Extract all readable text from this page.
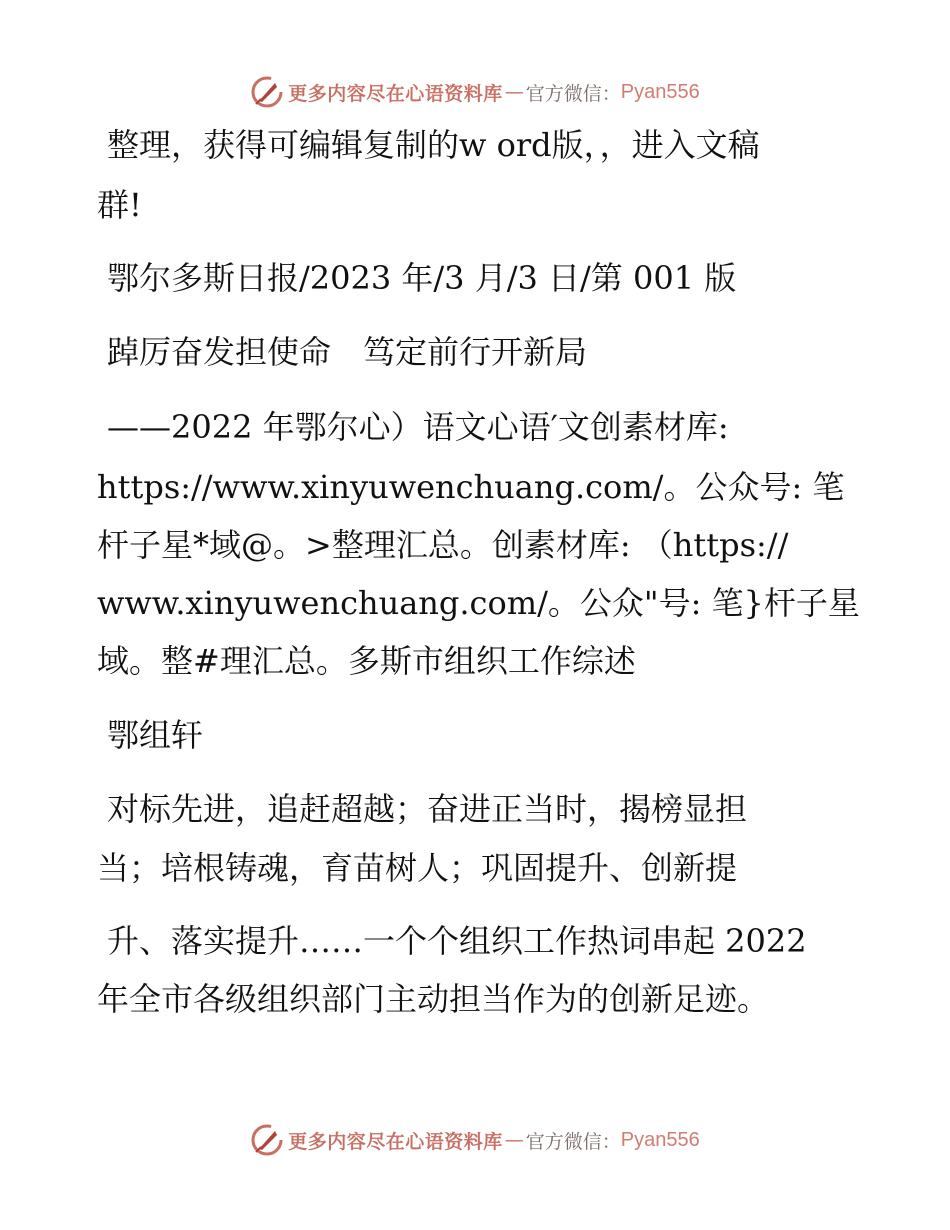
更多内容尽在心语资料库 — 官方微信： Pyan556

整理，获得可编辑复制的w ord版，，进入文稿

群!

鄂尔多斯日报/2023 年/3 月/3 日/第 001 版

踔厉奋发担使命　笃定前行开新局

——2022 年鄂尔心）语文心语′文创素材库:

https://www.xinyuwenchuang.com/。公众号: 笔

杆子星*域@。>整理汇总。创素材库: （https://

www.xinyuwenchuang.com/。公众"号: 笔}杆子星

域。整#理汇总。多斯市组织工作综述

鄂组轩

对标先进，追赶超越；奋进正当时，揭榜显担

当；培根铸魂，育苗树人；巩固提升、创新提

升、落实提升……一个个组织工作热词串起 2022

年全市各级组织部门主动担当作为的创新足迹。

更多内容尽在心语资料库 — 官方微信： Pyan556
